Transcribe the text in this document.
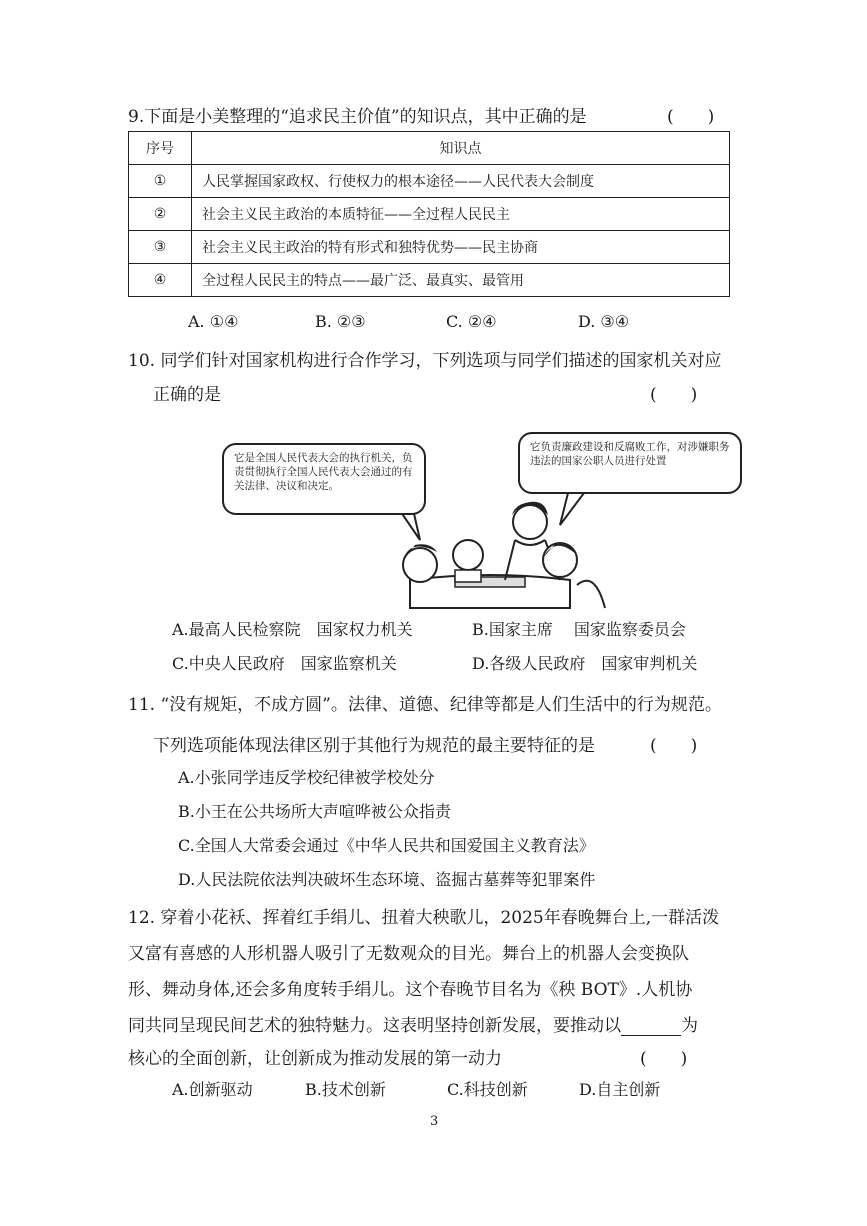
9.下面是小美整理的“追求民主价值”的知识点，其中正确的是	(　　)
序号	知识点
①	人民掌握国家政权、行使权力的根本途径——人民代表大会制度
②	社会主义民主政治的本质特征——全过程人民民主
③	社会主义民主政治的特有形式和独特优势——民主协商
④	全过程人民民主的特点——最广泛、最真实、最管用
A. ①④	B. ②③	C. ②④	D. ③④
10. 同学们针对国家机构进行合作学习，下列选项与同学们描述的国家机关对应
正确的是	(　　)
它是全国人民代表大会的执行机关，负责贯彻执行全国人民代表大会通过的有关法律、决议和决定。
它负责廉政建设和反腐败工作，对涉嫌职务违法的国家公职人员进行处置
A.最高人民检察院　国家权力机关	B.国家主席　 国家监察委员会
C.中央人民政府　国家监察机关	D.各级人民政府　国家审判机关
11. “没有规矩，不成方圆”。法律、道德、纪律等都是人们生活中的行为规范。
下列选项能体现法律区别于其他行为规范的最主要特征的是	(　　)
A.小张同学违反学校纪律被学校处分
B.小王在公共场所大声喧哗被公众指责
C.全国人大常委会通过《中华人民共和国爱国主义教育法》
D.人民法院依法判决破坏生态环境、盗掘古墓葬等犯罪案件
12. 穿着小花袄、挥着红手绢儿、扭着大秧歌儿，2025年春晚舞台上,一群活泼
又富有喜感的人形机器人吸引了无数观众的目光。舞台上的机器人会变换队
形、舞动身体,还会多角度转手绢儿。这个春晚节目名为《秧 BOT》.人机协
同共同呈现民间艺术的独特魅力。这表明坚持创新发展，要推动以	为
核心的全面创新，让创新成为推动发展的第一动力	(　　)
A.创新驱动	B.技术创新	C.科技创新	D.自主创新
3
